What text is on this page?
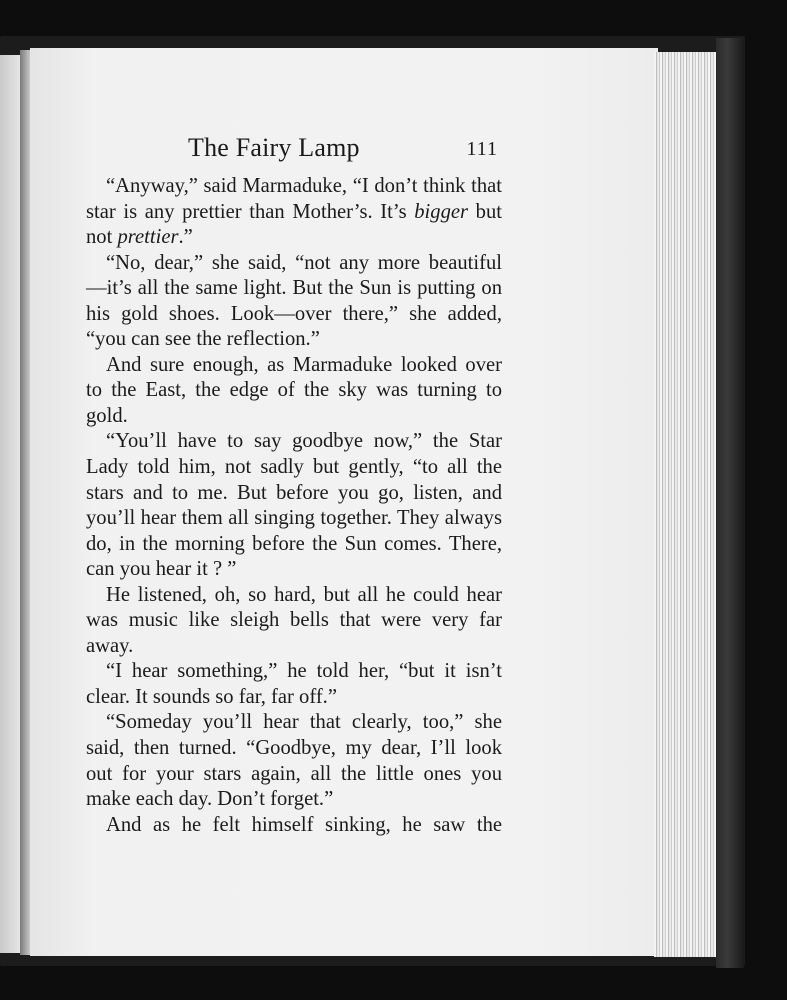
The Fairy Lamp	111

“Anyway,” said Marmaduke, “I don’t think that star is any prettier than Mother’s. It’s bigger but not prettier.”

“No, dear,” she said, “not any more beautiful —it’s all the same light. But the Sun is putting on his gold shoes. Look—over there,” she added, “you can see the reflection.”

And sure enough, as Marmaduke looked over to the East, the edge of the sky was turning to gold.

“You’ll have to say goodbye now,” the Star Lady told him, not sadly but gently, “to all the stars and to me. But before you go, listen, and you’ll hear them all singing together. They always do, in the morning before the Sun comes. There, can you hear it ? ”

He listened, oh, so hard, but all he could hear was music like sleigh bells that were very far away.

“I hear something,” he told her, “but it isn’t clear. It sounds so far, far off.”

“Someday you’ll hear that clearly, too,” she said, then turned. “Goodbye, my dear, I’ll look out for your stars again, all the little ones you make each day. Don’t forget.”

And as he felt himself sinking, he saw the
